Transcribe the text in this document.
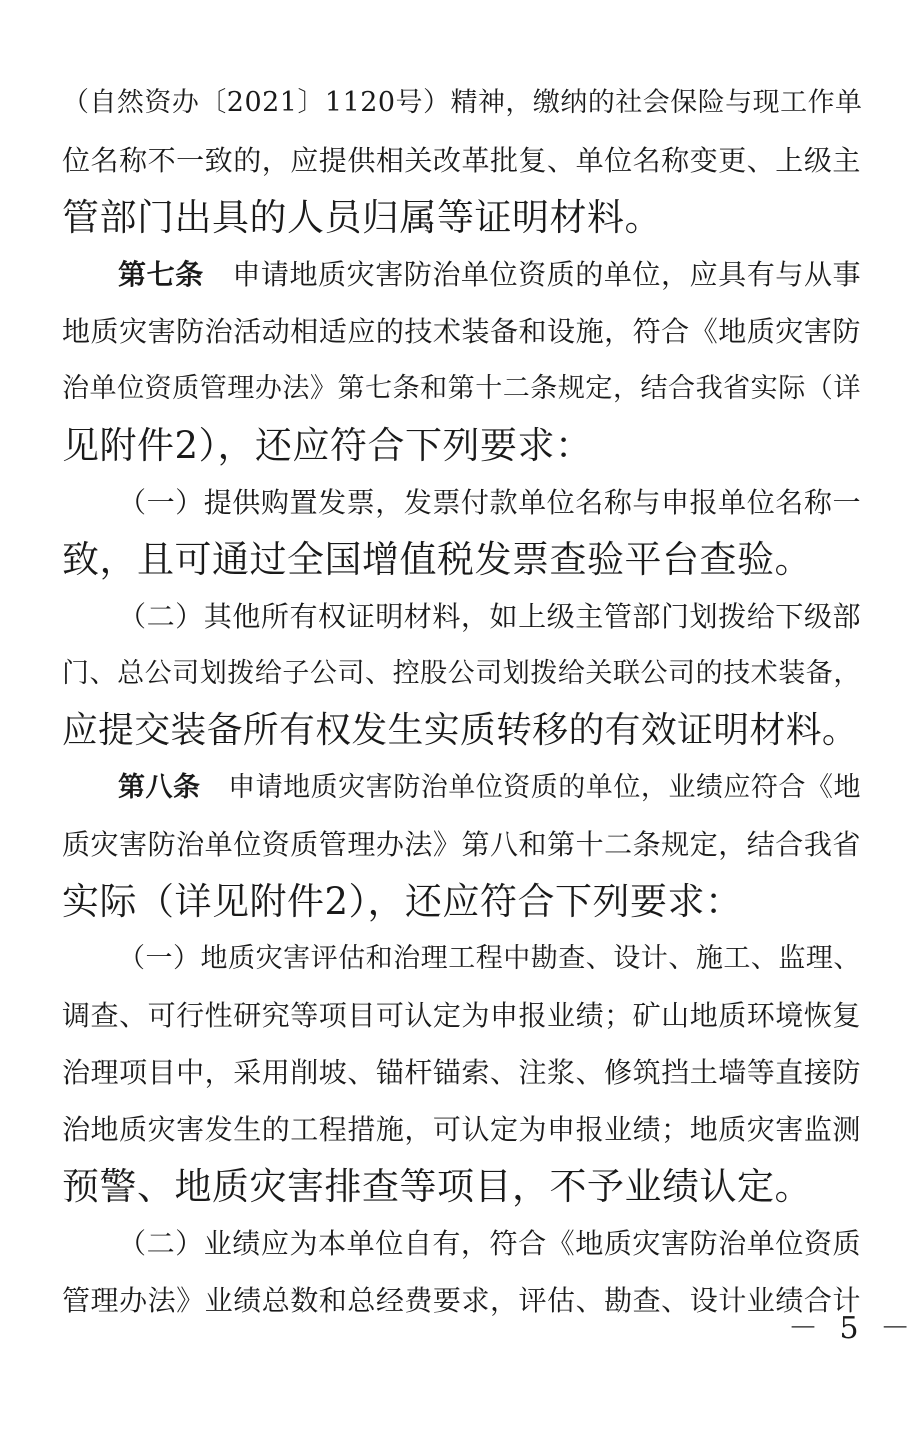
（自然资办〔2021〕1120号）精神，缴纳的社会保险与现工作单
位名称不一致的，应提供相关改革批复、单位名称变更、上级主
管部门出具的人员归属等证明材料。
第七条　 申请地质灾害防治单位资质的单位，应具有与从事
地质灾害防治活动相适应的技术装备和设施，符合《地质灾害防
治单位资质管理办法》第七条和第十二条规定，结合我省实际（详
见附件2），还应符合下列要求：
（一）提供购置发票，发票付款单位名称与申报单位名称一
致，且可通过全国增值税发票查验平台查验。
（二）其他所有权证明材料，如上级主管部门划拨给下级部
门、总公司划拨给子公司、控股公司划拨给关联公司的技术装备，
应提交装备所有权发生实质转移的有效证明材料。
第八条　 申请地质灾害防治单位资质的单位，业绩应符合《地
质灾害防治单位资质管理办法》第八和第十二条规定，结合我省
实际（详见附件2），还应符合下列要求：
（一）地质灾害评估和治理工程中勘查、设计、施工、监理、
调查、可行性研究等项目可认定为申报业绩；矿山地质环境恢复
治理项目中，采用削坡、锚杆锚索、注浆、修筑挡土墙等直接防
治地质灾害发生的工程措施，可认定为申报业绩；地质灾害监测
预警、地质灾害排查等项目，不予业绩认定。
（二）业绩应为本单位自有，符合《地质灾害防治单位资质
管理办法》业绩总数和总经费要求，评估、勘查、设计业绩合计
－ 5 －
